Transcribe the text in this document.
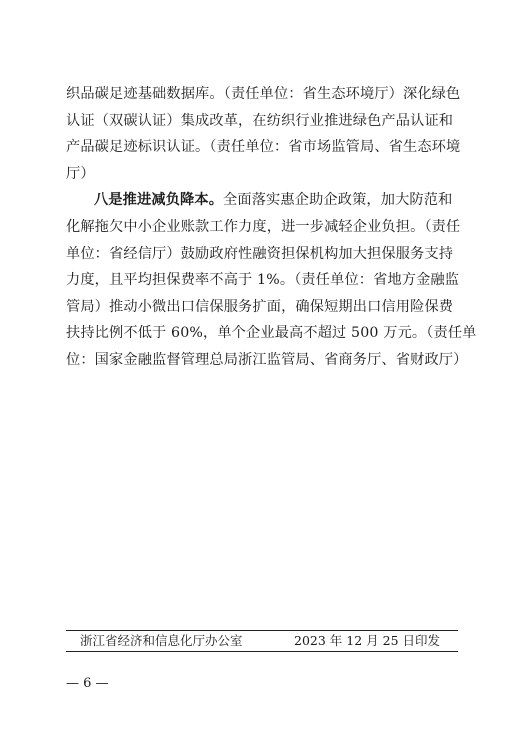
织品碳足迹基础数据库。（责任单位：省生态环境厅）深化绿色
认证（双碳认证）集成改革，在纺织行业推进绿色产品认证和
产品碳足迹标识认证。（责任单位：省市场监管局、省生态环境
厅）
八是推进减负降本。全面落实惠企助企政策，加大防范和
化解拖欠中小企业账款工作力度，进一步减轻企业负担。（责任
单位：省经信厅）鼓励政府性融资担保机构加大担保服务支持
力度，且平均担保费率不高于 1%。（责任单位：省地方金融监
管局）推动小微出口信保服务扩面，确保短期出口信用险保费
扶持比例不低于 60%，单个企业最高不超过 500 万元。（责任单
位：国家金融监督管理总局浙江监管局、省商务厅、省财政厅）
浙江省经济和信息化厅办公室	2023 年 12 月 25 日印发
— 6 —
